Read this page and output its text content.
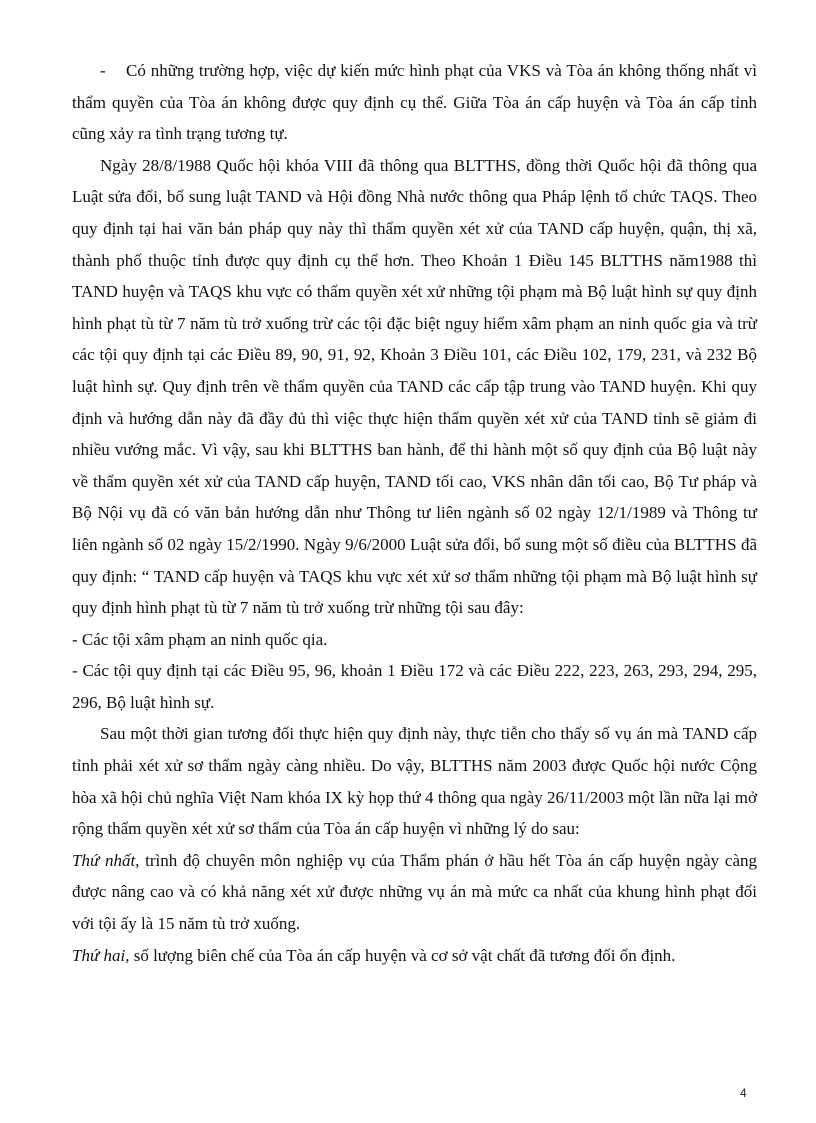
- Có những trường hợp, việc dự kiến mức hình phạt của VKS và Tòa án không thống nhất vì thẩm quyền của Tòa án không được quy định cụ thể. Giữa Tòa án cấp huyện và Tòa án cấp tỉnh cũng xảy ra tình trạng tương tự.

Ngày 28/8/1988 Quốc hội khóa VIII đã thông qua BLTTHS, đồng thời Quốc hội đã thông qua Luật sửa đổi, bổ sung luật TAND và Hội đồng Nhà nước thông qua Pháp lệnh tổ chức TAQS. Theo quy định tại hai văn bản pháp quy này thì thẩm quyền xét xử của TAND cấp huyện, quận, thị xã, thành phố thuộc tỉnh được quy định cụ thể hơn. Theo Khoản 1 Điều 145 BLTTHS năm1988 thì TAND huyện và TAQS khu vực có thẩm quyền xét xử những tội phạm mà Bộ luật hình sự quy định hình phạt tù từ 7 năm tù trở xuống trừ các tội đặc biệt nguy hiểm xâm phạm an ninh quốc gia và trừ các tội quy định tại các Điều 89, 90, 91, 92, Khoản 3 Điều 101, các Điều 102, 179, 231, và 232 Bộ luật hình sự. Quy định trên về thẩm quyền của TAND các cấp tập trung vào TAND huyện. Khi quy định và hướng dẫn này đã đầy đủ thì việc thực hiện thẩm quyền xét xử của TAND tỉnh sẽ giảm đi nhiều vướng mắc. Vì vậy, sau khi BLTTHS ban hành, để thi hành một số quy định của Bộ luật này về thẩm quyền xét xử của TAND cấp huyện, TAND tối cao, VKS nhân dân tối cao, Bộ Tư pháp và Bộ Nội vụ đã có văn bản hướng dẫn như Thông tư liên ngành số 02 ngày 12/1/1989 và Thông tư liên ngành số 02 ngày 15/2/1990. Ngày 9/6/2000 Luật sửa đổi, bổ sung một số điều của BLTTHS đã quy định: “ TAND cấp huyện và TAQS khu vực xét xử sơ thẩm những tội phạm mà Bộ luật hình sự quy định hình phạt tù từ 7 năm tù trở xuống trừ những tội sau đây:

- Các tội xâm phạm an ninh quốc qia.

- Các tội quy định tại các Điều 95, 96, khoản 1 Điều 172 và các Điều 222, 223, 263, 293, 294, 295, 296, Bộ luật hình sự.

Sau một thời gian tương đối thực hiện quy định này, thực tiễn cho thấy số vụ án mà TAND cấp tỉnh phải xét xử sơ thẩm ngày càng nhiều. Do vậy, BLTTHS năm 2003 được Quốc hội nước Cộng hòa xã hội chủ nghĩa Việt Nam khóa IX kỳ họp thứ 4 thông qua ngày 26/11/2003 một lần nữa lại mở rộng thẩm quyền xét xử sơ thẩm của Tòa án cấp huyện vì những lý do sau:

Thứ nhất, trình độ chuyên môn nghiệp vụ của Thẩm phán ở hầu hết Tòa án cấp huyện ngày càng được nâng cao và có khả năng xét xử được những vụ án mà mức ca nhất của khung hình phạt đối với tội ấy là 15 năm tù trở xuống.

Thứ hai, số lượng biên chế của Tòa án cấp huyện và cơ sở vật chất đã tương đối ổn định.

4
